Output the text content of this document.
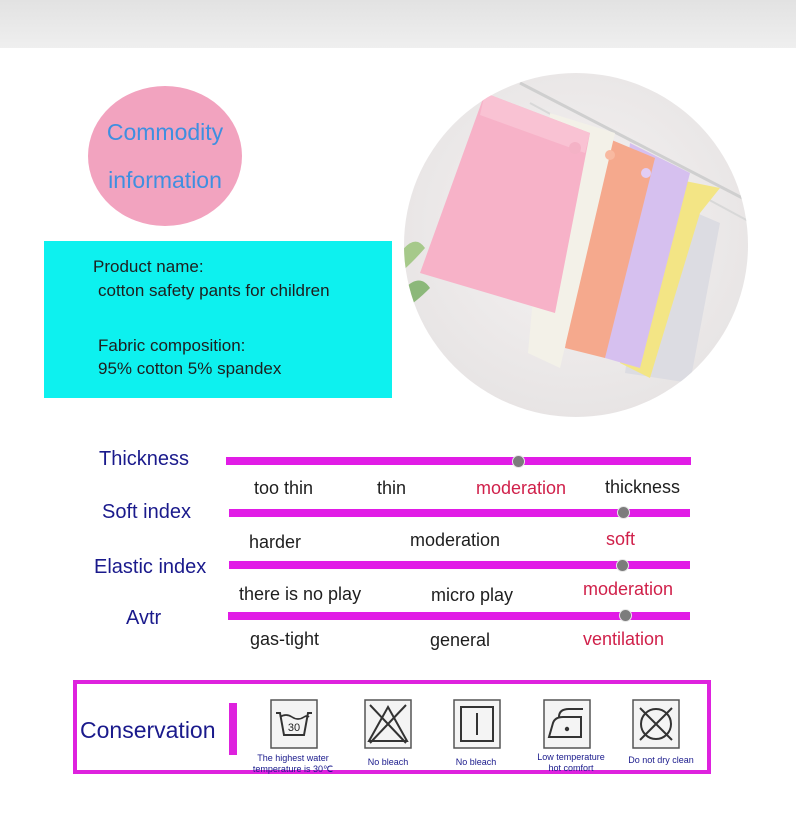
Commodity
information
Product name:
cotton safety pants for children
Fabric composition:
95% cotton 5% spandex
Thickness
too thin	thin	moderation thickness
Soft index
harder	moderation	soft
Elastic index
there is no play	micro play	moderation
Avtr
gas-tight	general	ventilation
Conservation	30
The highest water
temperature is 30℃
No bleach	No bleach	Low temperature
hot comfort
Do not dry clean
